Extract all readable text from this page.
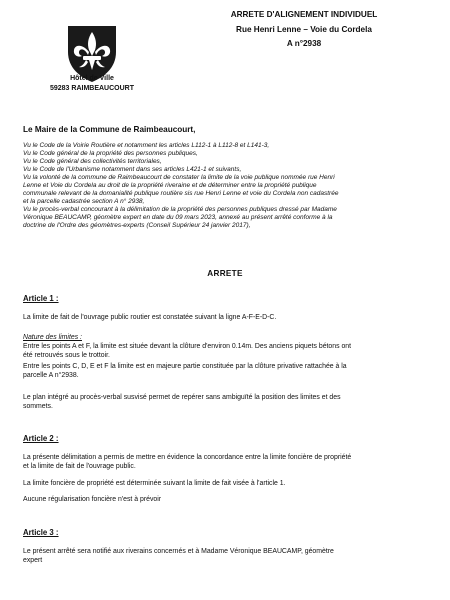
Hôtel de Ville
59283 RAIMBEAUCOURT
ARRETE D'ALIGNEMENT INDIVIDUEL
Rue Henri Lenne – Voie du Cordela
A n°2938
Le Maire de la Commune de Raimbeaucourt,
Vu le Code de la Voirie Routière et notamment les articles L112-1 à L112-8 et L141-3,
Vu le Code général de la propriété des personnes publiques,
Vu le Code général des collectivités territoriales,
Vu le Code de l'Urbanisme notamment dans ses articles L421-1 et suivants,
Vu la volonté de la commune de Raimbeaucourt de constater la limite de la voie publique nommée rue Henri
Lenne et Voie du Cordela au droit de la propriété riveraine et de déterminer entre la propriété publique
communale relevant de la domanialité publique routière sis rue Henri Lenne et voie du Cordela non cadastrée
et la parcelle cadastrée section A n° 2938,
Vu le procès-verbal concourant à la délimitation de la propriété des personnes publiques dressé par Madame
Véronique BEAUCAMP, géomètre expert en date du 09 mars 2023, annexé au présent arrêté conforme à la
doctrine de l'Ordre des géomètres-experts (Conseil Supérieur 24 janvier 2017),
ARRETE
Article 1 :
La limite de fait de l'ouvrage public routier est constatée suivant la ligne A-F-E-D-C.
Nature des limites :
Entre les points A et F, la limite est située devant la clôture d'environ 0.14m. Des anciens piquets bétons ont
été retrouvés sous le trottoir.
Entre les points C, D, E et F la limite est en majeure partie constituée par la clôture privative rattachée à la
parcelle A n°2938.
Le plan intégré au procès-verbal susvisé permet de repérer sans ambiguïté la position des limites et des
sommets.
Article 2 :
La présente délimitation a permis de mettre en évidence la concordance entre la limite foncière de propriété
et la limite de fait de l'ouvrage public.
La limite foncière de propriété est déterminée suivant la limite de fait visée à l'article 1.
Aucune régularisation foncière n'est à prévoir
Article 3 :
Le présent arrêté sera notifié aux riverains concernés et à Madame Véronique BEAUCAMP, géomètre
expert
